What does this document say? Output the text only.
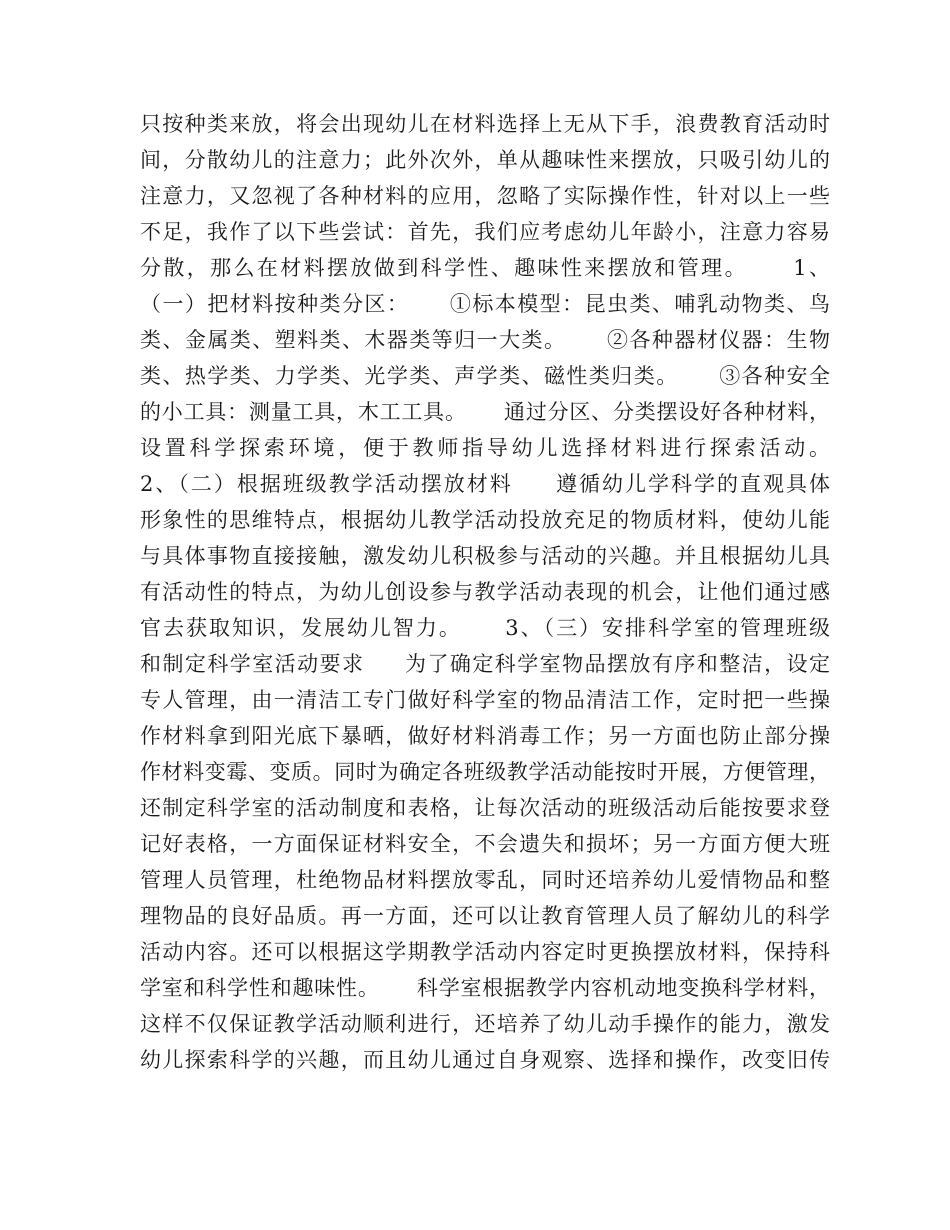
只按种类来放，将会出现幼儿在材料选择上无从下手，浪费教育活动时
间，分散幼儿的注意力；此外次外，单从趣味性来摆放，只吸引幼儿的
注意力，又忽视了各种材料的应用，忽略了实际操作性，针对以上一些
不足，我作了以下些尝试：首先，我们应考虑幼儿年龄小，注意力容易
分散，那么在材料摆放做到科学性、趣味性来摆放和管理。     1、
（一）把材料按种类分区：     ①标本模型：昆虫类、哺乳动物类、鸟
类、金属类、塑料类、木器类等归一大类。     ②各种器材仪器：生物
类、热学类、力学类、光学类、声学类、磁性类归类。     ③各种安全
的小工具：测量工具，木工工具。     通过分区、分类摆设好各种材料，
设置科学探索环境，便于教师指导幼儿选择材料进行探索活动。
2、（二）根据班级教学活动摆放材料     遵循幼儿学科学的直观具体
形象性的思维特点，根据幼儿教学活动投放充足的物质材料，使幼儿能
与具体事物直接接触，激发幼儿积极参与活动的兴趣。并且根据幼儿具
有活动性的特点，为幼儿创设参与教学活动表现的机会，让他们通过感
官去获取知识，发展幼儿智力。     3、（三）安排科学室的管理班级
和制定科学室活动要求     为了确定科学室物品摆放有序和整洁，设定
专人管理，由一清洁工专门做好科学室的物品清洁工作，定时把一些操
作材料拿到阳光底下暴晒，做好材料消毒工作；另一方面也防止部分操
作材料变霉、变质。同时为确定各班级教学活动能按时开展，方便管理，
还制定科学室的活动制度和表格，让每次活动的班级活动后能按要求登
记好表格，一方面保证材料安全，不会遗失和损坏；另一方面方便大班
管理人员管理，杜绝物品材料摆放零乱，同时还培养幼儿爱情物品和整
理物品的良好品质。再一方面，还可以让教育管理人员了解幼儿的科学
活动内容。还可以根据这学期教学活动内容定时更换摆放材料，保持科
学室和科学性和趣味性。     科学室根据教学内容机动地变换科学材料，
这样不仅保证教学活动顺利进行，还培养了幼儿动手操作的能力，激发
幼儿探索科学的兴趣，而且幼儿通过自身观察、选择和操作，改变旧传
